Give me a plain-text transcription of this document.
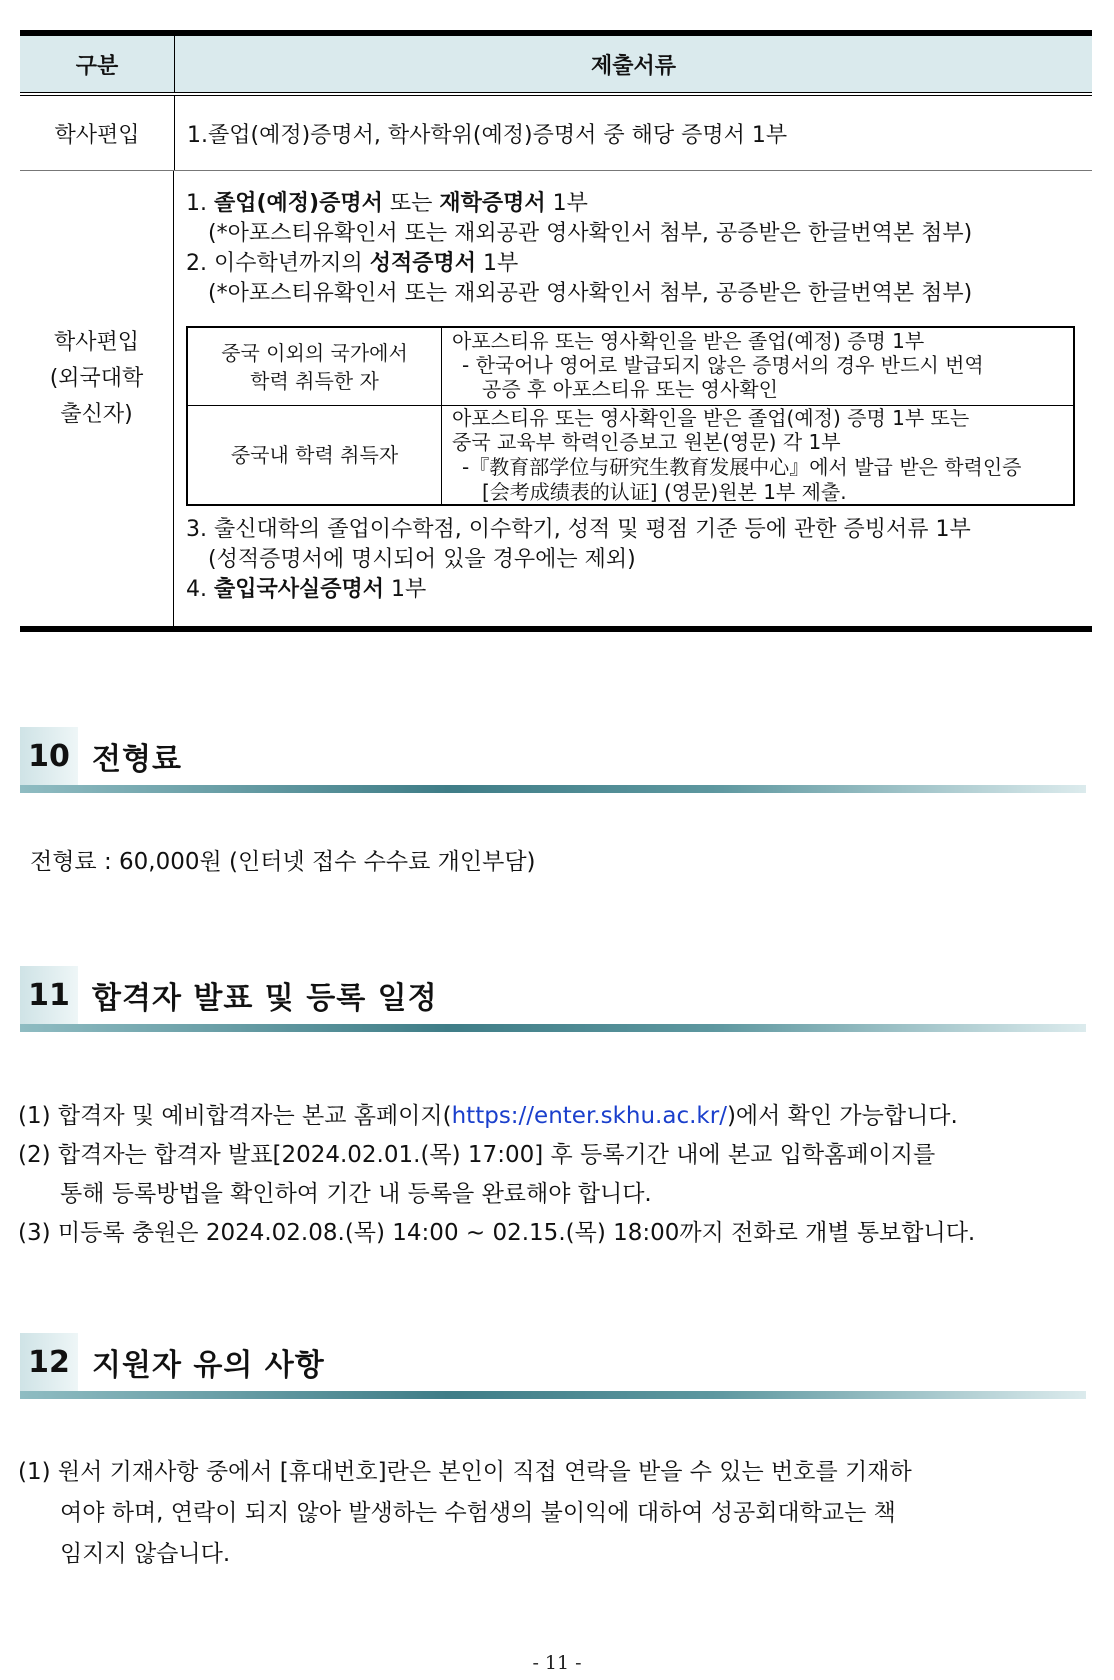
구분	제출서류
학사편입	1.졸업(예정)증명서, 학사학위(예정)증명서 중 해당 증명서 1부
학사편입
(외국대학
출신자)
1. 졸업(예정)증명서 또는 재학증명서 1부
(*아포스티유확인서 또는 재외공관 영사확인서 첨부, 공증받은 한글번역본 첨부)
2. 이수학년까지의 성적증명서 1부
(*아포스티유확인서 또는 재외공관 영사확인서 첨부, 공증받은 한글번역본 첨부)
중국 이외의 국가에서
학력 취득한 자
아포스티유 또는 영사확인을 받은 졸업(예정) 증명 1부
- 한국어나 영어로 발급되지 않은 증명서의 경우 반드시 번역
공증 후 아포스티유 또는 영사확인
중국내 학력 취득자
아포스티유 또는 영사확인을 받은 졸업(예정) 증명 1부 또는
중국 교육부 학력인증보고 원본(영문) 각 1부
-『教育部学位与研究生教育发展中心』에서 발급 받은 학력인증
[会考成绩表的认证] (영문)원본 1부 제출.
3. 출신대학의 졸업이수학점, 이수학기, 성적 및 평점 기준 등에 관한 증빙서류 1부
(성적증명서에 명시되어 있을 경우에는 제외)
4. 출입국사실증명서 1부
10 전형료
전형료 : 60,000원 (인터넷 접수 수수료 개인부담)
11 합격자 발표 및 등록 일정
(1) 합격자 및 예비합격자는 본교 홈페이지(https://enter.skhu.ac.kr/)에서 확인 가능합니다.
(2) 합격자는 합격자 발표[2024.02.01.(목) 17:00] 후 등록기간 내에 본교 입학홈페이지를
통해 등록방법을 확인하여 기간 내 등록을 완료해야 합니다.
(3) 미등록 충원은 2024.02.08.(목) 14:00 ~ 02.15.(목) 18:00까지 전화로 개별 통보합니다.
12 지원자 유의 사항
(1) 원서 기재사항 중에서 [휴대번호]란은 본인이 직접 연락을 받을 수 있는 번호를 기재하
여야 하며, 연락이 되지 않아 발생하는 수험생의 불이익에 대하여 성공회대학교는 책
임지지 않습니다.
- 11 -
